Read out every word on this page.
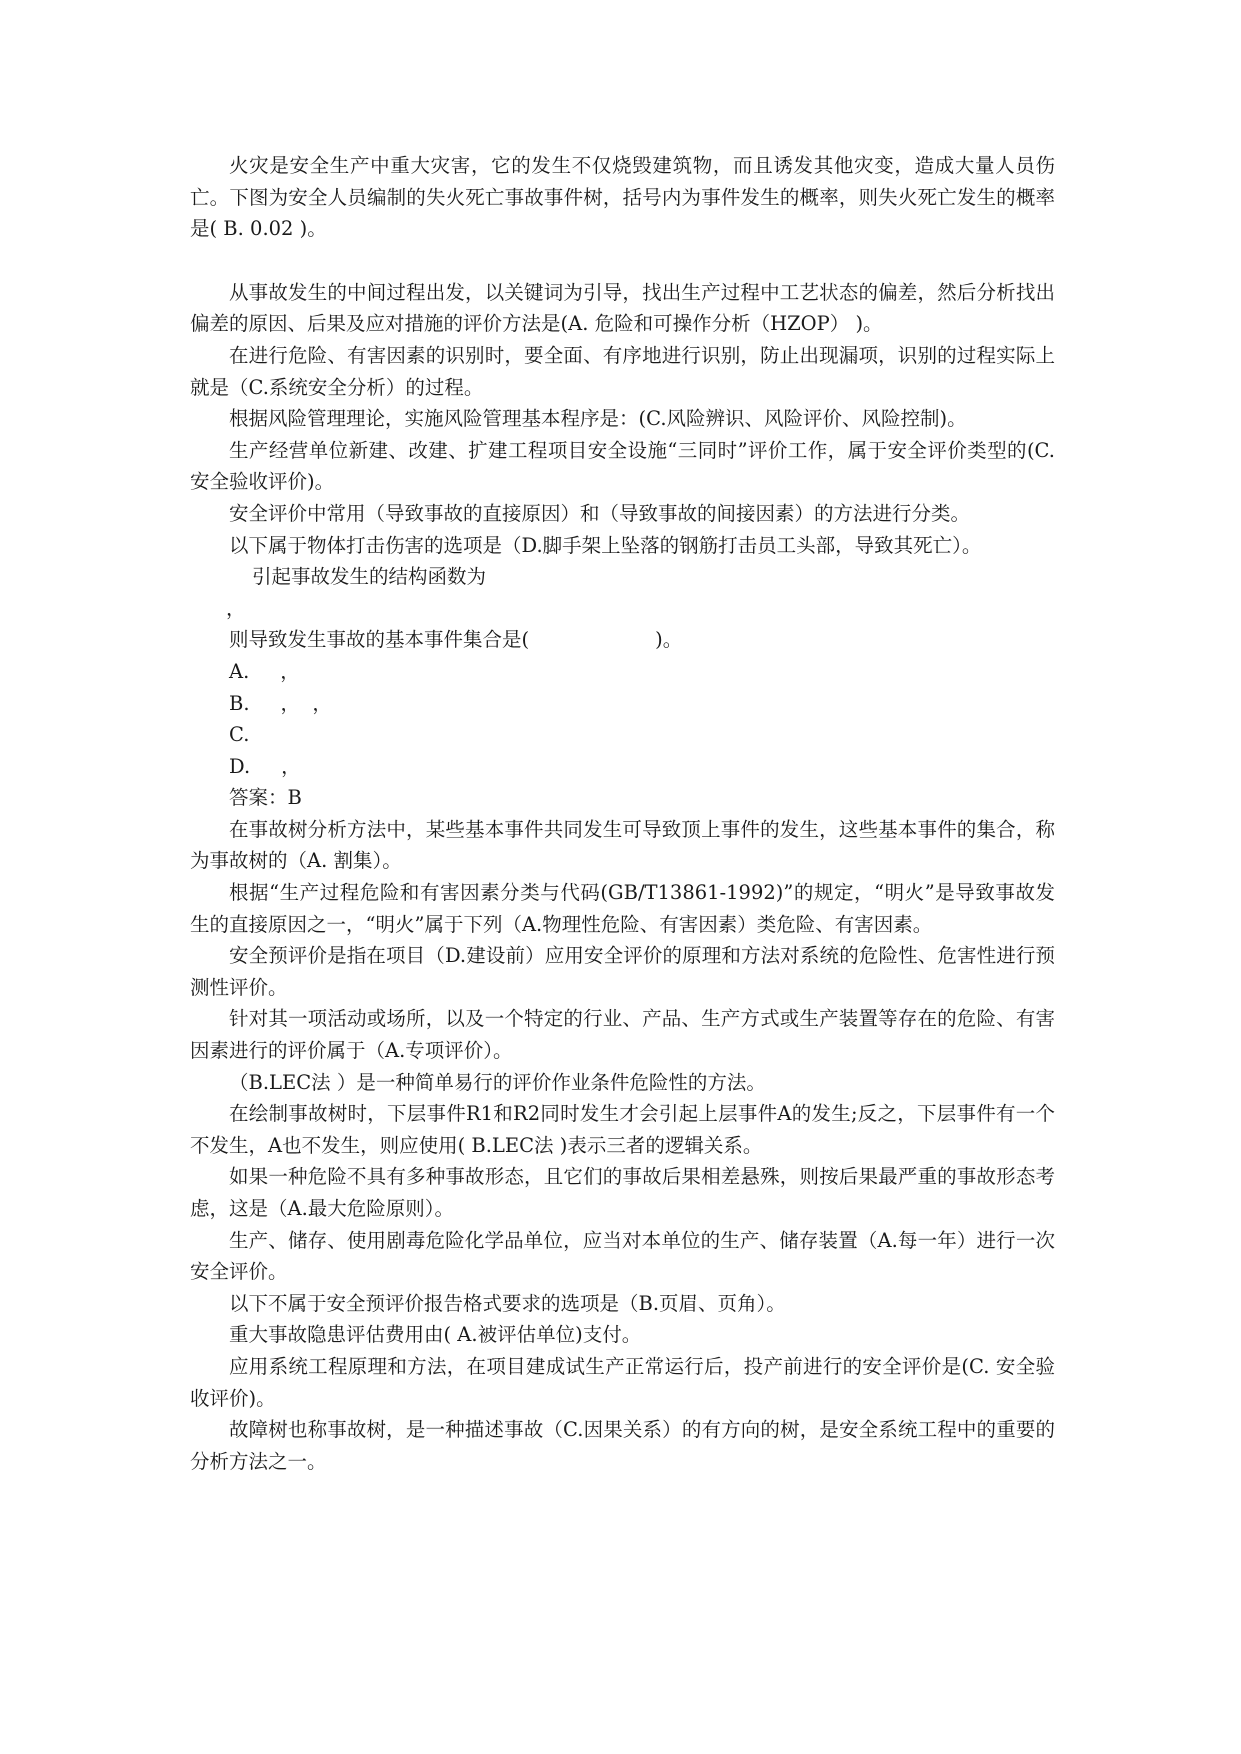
火灾是安全生产中重大灾害，它的发生不仅烧毁建筑物，而且诱发其他灾变，造成大量人员伤亡。下图为安全人员编制的失火死亡事故事件树，括号内为事件发生的概率，则失火死亡发生的概率是( B. 0.02 )。

从事故发生的中间过程出发，以关键词为引导，找出生产过程中工艺状态的偏差，然后分析找出偏差的原因、后果及应对措施的评价方法是(A. 危险和可操作分析（HZOP） )。

在进行危险、有害因素的识别时，要全面、有序地进行识别，防止出现漏项，识别的过程实际上就是（C.系统安全分析）的过程。

根据风险管理理论，实施风险管理基本程序是：(C.风险辨识、风险评价、风险控制)。

生产经营单位新建、改建、扩建工程项目安全设施“三同时”评价工作，属于安全评价类型的(C. 安全验收评价)。

安全评价中常用（导致事故的直接原因）和（导致事故的间接因素）的方法进行分类。

以下属于物体打击伤害的选项是（D.脚手架上坠落的钢筋打击员工头部，导致其死亡）。

引起事故发生的结构函数为

，

则导致发生事故的基本事件集合是(	)。

A.     ，

B.     ，  ，

C.

D.     ，

答案：B

在事故树分析方法中，某些基本事件共同发生可导致顶上事件的发生，这些基本事件的集合，称为事故树的（A. 割集）。

根据“生产过程危险和有害因素分类与代码(GB/T13861-1992)”的规定，“明火”是导致事故发生的直接原因之一，“明火”属于下列（A.物理性危险、有害因素）类危险、有害因素。

安全预评价是指在项目（D.建设前）应用安全评价的原理和方法对系统的危险性、危害性进行预测性评价。

针对其一项活动或场所，以及一个特定的行业、产品、生产方式或生产装置等存在的危险、有害因素进行的评价属于（A.专项评价）。

（B.LEC法 ）是一种简单易行的评价作业条件危险性的方法。

在绘制事故树时，下层事件R1和R2同时发生才会引起上层事件A的发生;反之，下层事件有一个不发生，A也不发生，则应使用( B.LEC法 )表示三者的逻辑关系。

如果一种危险不具有多种事故形态，且它们的事故后果相差悬殊，则按后果最严重的事故形态考虑，这是（A.最大危险原则）。

生产、储存、使用剧毒危险化学品单位，应当对本单位的生产、储存装置（A.每一年）进行一次安全评价。

以下不属于安全预评价报告格式要求的选项是（B.页眉、页角）。

重大事故隐患评估费用由( A.被评估单位)支付。

应用系统工程原理和方法，在项目建成试生产正常运行后，投产前进行的安全评价是(C. 安全验收评价)。

故障树也称事故树，是一种描述事故（C.因果关系）的有方向的树，是安全系统工程中的重要的分析方法之一。
